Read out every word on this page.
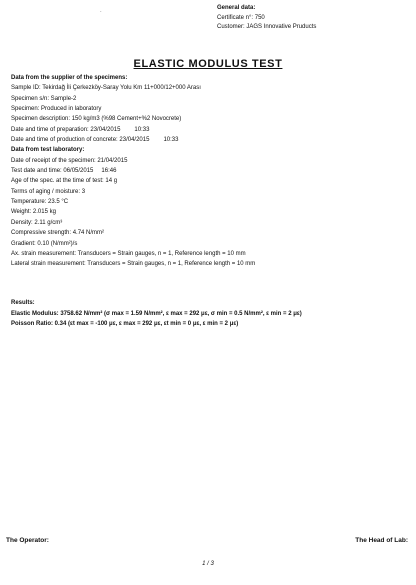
.	General data:
Certificate n°: 750
Customer: JAGS Innovative Pruducts
ELASTIC MODULUS TEST
Data from the supplier of the specimens:
Sample ID: Tekirdağ İli Çerkezköy-Saray Yolu Km 11+000/12+000 Arası
Specimen s/n: Sample-2
Specimen: Produced in laboratory
Specimen description: 150 kg/m3 (%98 Cement+%2 Novocrete)
Date and time of preparation: 23/04/2015 10:33
Date and time of production of concrete: 23/04/2015 10:33
Data from test laboratory:
Date of receipt of the specimen: 21/04/2015
Test date and time: 06/05/2015 16:46
Age of the spec. at the time of test: 14 g
Terms of aging / moisture: 3
Temperature: 23.5 °C
Weight: 2.015 kg
Density: 2.11 g/cm³
Compressive strength: 4.74 N/mm²
Gradient: 0.10 (N/mm²)/s
Ax. strain measurement: Transducers = Strain gauges, n = 1, Reference length = 10 mm
Lateral strain measurement: Transducers = Strain gauges, n = 1, Reference length = 10 mm
Results:
Elastic Modulus: 3758.62 N/mm² (σ max = 1.59 N/mm², ε max = 292 με, σ min = 0.5 N/mm², ε min = 2 με)
Poisson Ratio: 0.34 (εt max = -100 με, ε max = 292 με, εt min = 0 με, ε min = 2 με)
The Operator:	The Head of Lab:
1 / 3
